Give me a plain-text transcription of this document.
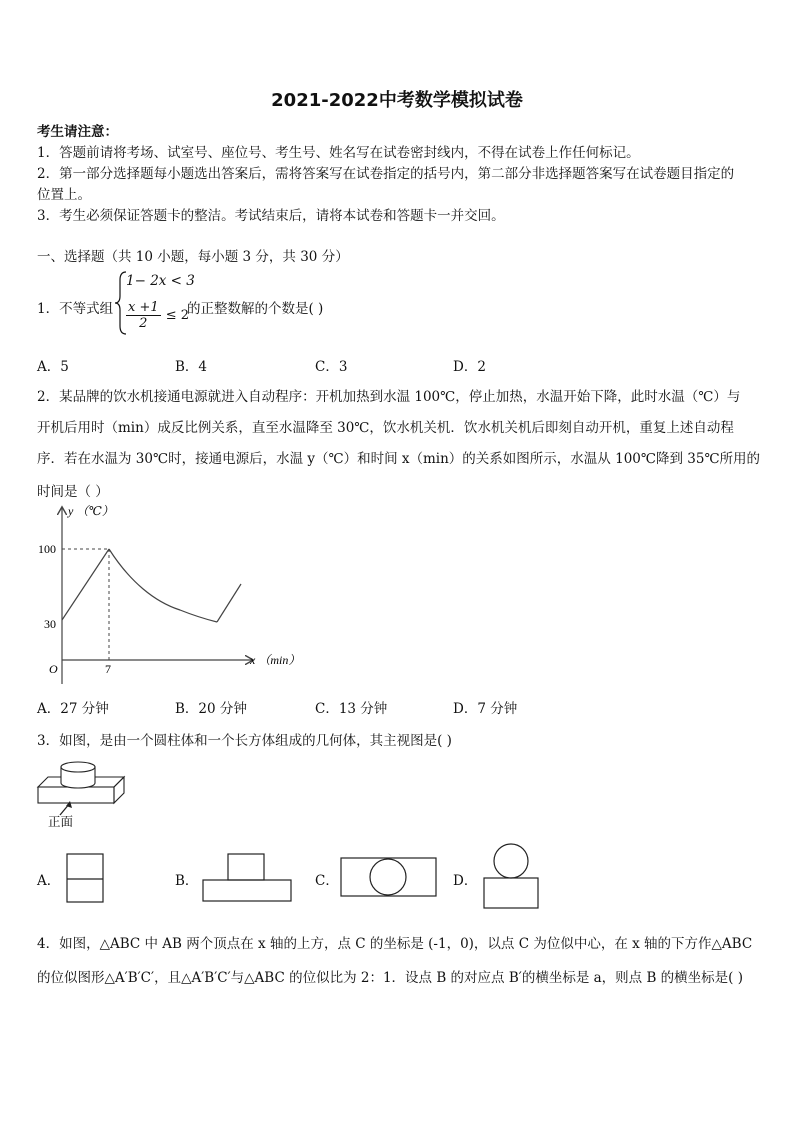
2021-2022中考数学模拟试卷
考生请注意：
1．答题前请将考场、试室号、座位号、考生号、姓名写在试卷密封线内，不得在试卷上作任何标记。
2．第一部分选择题每小题选出答案后，需将答案写在试卷指定的括号内，第二部分非选择题答案写在试卷题目指定的
位置上。
3．考生必须保证答题卡的整洁。考试结束后，请将本试卷和答题卡一并交回。
一、选择题（共 10 小题，每小题 3 分，共 30 分）
1．不等式组
1− 2x < 3
$\frac{x +1}{2} \le 2$
的正整数解的个数是( )
A．5	B．4	C．3	D．2
2．某品牌的饮水机接通电源就进入自动程序：开机加热到水温 100℃，停止加热，水温开始下降，此时水温（℃）与
开机后用时（min）成反比例关系，直至水温降至 30℃，饮水机关机．饮水机关机后即刻自动开机，重复上述自动程
序．若在水温为 30℃时，接通电源后，水温 y（℃）和时间 x（min）的关系如图所示，水温从 100℃降到 35℃所用的
时间是（ ）
y （℃）
x （min）
100
30
O	7
A．27 分钟	B．20 分钟	C．13 分钟	D．7 分钟
3．如图，是由一个圆柱体和一个长方体组成的几何体，其主视图是( )
正面
A．	B．	C．	D．
4．如图，△ABC 中 AB 两个顶点在 x 轴的上方，点 C 的坐标是 (-1，0)，以点 C 为位似中心，在 x 轴的下方作△ABC
的位似图形△A′B′C′，且△A′B′C′与△ABC 的位似比为 2：1．设点 B 的对应点 B′的横坐标是 a，则点 B 的横坐标是( )
